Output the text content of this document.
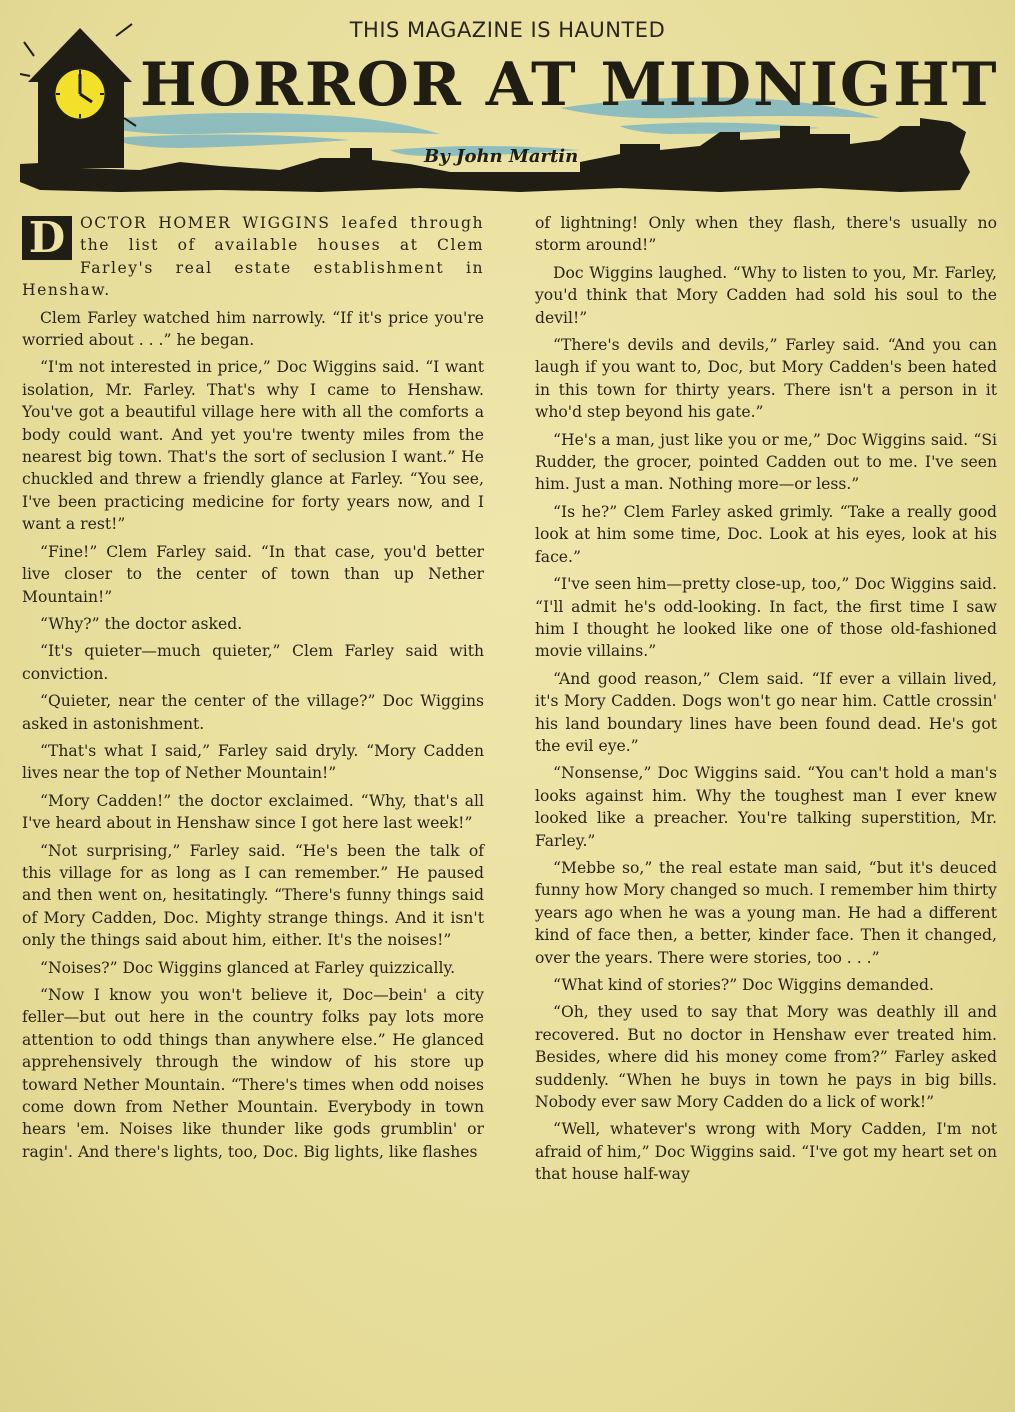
THIS MAGAZINE IS HAUNTED
HORROR AT MIDNIGHT
By John Martin

D OCTOR HOMER WIGGINS leafed through the list of available houses at Clem Farley's real estate establishment in Henshaw.

Clem Farley watched him narrowly. “If it's price you're worried about . . .” he began.

“I'm not interested in price,” Doc Wiggins said. “I want isolation, Mr. Farley. That's why I came to Henshaw. You've got a beautiful village here with all the comforts a body could want. And yet you're twenty miles from the nearest big town. That's the sort of seclusion I want.” He chuckled and threw a friendly glance at Farley. “You see, I've been practicing medicine for forty years now, and I want a rest!”

“Fine!” Clem Farley said. “In that case, you'd better live closer to the center of town than up Nether Mountain!”

“Why?” the doctor asked.

“It's quieter—much quieter,” Clem Farley said with conviction.

“Quieter, near the center of the village?” Doc Wiggins asked in astonishment.

“That's what I said,” Farley said dryly. “Mory Cadden lives near the top of Nether Mountain!”

“Mory Cadden!” the doctor exclaimed. “Why, that's all I've heard about in Henshaw since I got here last week!”

“Not surprising,” Farley said. “He's been the talk of this village for as long as I can remember.” He paused and then went on, hesitatingly. “There's funny things said of Mory Cadden, Doc. Mighty strange things. And it isn't only the things said about him, either. It's the noises!”

“Noises?” Doc Wiggins glanced at Farley quizzically.

“Now I know you won't believe it, Doc—bein' a city feller—but out here in the country folks pay lots more attention to odd things than anywhere else.” He glanced apprehensively through the window of his store up toward Nether Mountain. “There's times when odd noises come down from Nether Mountain. Everybody in town hears 'em. Noises like thunder like gods grumblin' or ragin'. And there's lights, too, Doc. Big lights, like flashes

of lightning! Only when they flash, there's usually no storm around!”

Doc Wiggins laughed. “Why to listen to you, Mr. Farley, you'd think that Mory Cadden had sold his soul to the devil!”

“There's devils and devils,” Farley said. “And you can laugh if you want to, Doc, but Mory Cadden's been hated in this town for thirty years. There isn't a person in it who'd step beyond his gate.”

“He's a man, just like you or me,” Doc Wiggins said. “Si Rudder, the grocer, pointed Cadden out to me. I've seen him. Just a man. Nothing more—or less.”

“Is he?” Clem Farley asked grimly. “Take a really good look at him some time, Doc. Look at his eyes, look at his face.”

“I've seen him—pretty close-up, too,” Doc Wiggins said. “I'll admit he's odd-looking. In fact, the first time I saw him I thought he looked like one of those old-fashioned movie villains.”

“And good reason,” Clem said. “If ever a villain lived, it's Mory Cadden. Dogs won't go near him. Cattle crossin' his land boundary lines have been found dead. He's got the evil eye.”

“Nonsense,” Doc Wiggins said. “You can't hold a man's looks against him. Why the toughest man I ever knew looked like a preacher. You're talking superstition, Mr. Farley.”

“Mebbe so,” the real estate man said, “but it's deuced funny how Mory changed so much. I remember him thirty years ago when he was a young man. He had a different kind of face then, a better, kinder face. Then it changed, over the years. There were stories, too . . .”

“What kind of stories?” Doc Wiggins demanded.

“Oh, they used to say that Mory was deathly ill and recovered. But no doctor in Henshaw ever treated him. Besides, where did his money come from?” Farley asked suddenly. “When he buys in town he pays in big bills. Nobody ever saw Mory Cadden do a lick of work!”

“Well, whatever's wrong with Mory Cadden, I'm not afraid of him,” Doc Wiggins said. “I've got my heart set on that house half-way
